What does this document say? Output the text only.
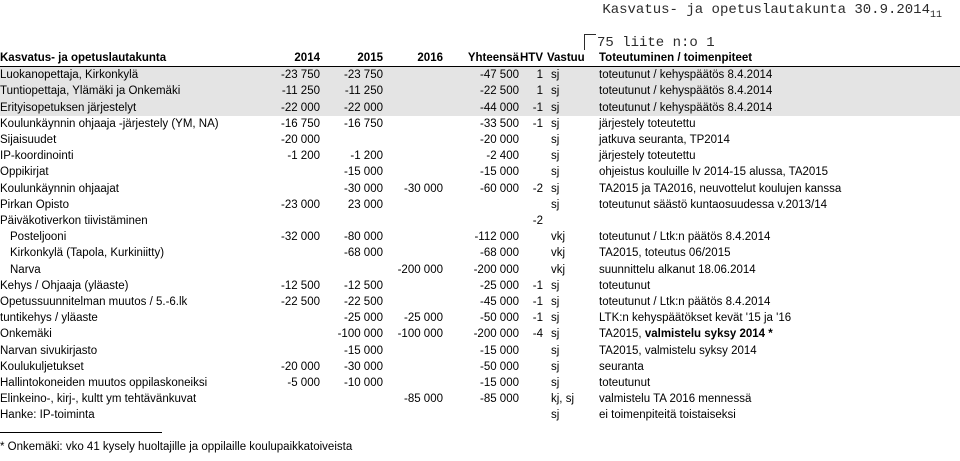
Kasvatus- ja opetuslautakunta $30.9.2014_{11}$
75 liite n:o 1
Kasvatus- ja opetuslautakunta	2014	2015	2016	Yhteensä	HTV	Vastuu	Toteutuminen / toimenpiteet
Luokanopettaja, Kirkonkylä	-23 750	-23 750		-47 500	1	sj	toteutunut / kehyspäätös 8.4.2014
Tuntiopettaja, Ylämäki ja Onkemäki	-11 250	-11 250		-22 500	1	sj	toteutunut / kehyspäätös 8.4.2014
Erityisopetuksen järjestelyt	-22 000	-22 000		-44 000	-1	sj	toteutunut / kehyspäätös 8.4.2014
Koulunkäynnin ohjaaja -järjestely (YM, NA)	-16 750	-16 750		-33 500	-1	sj	järjestely toteutettu
Sijaisuudet	-20 000			-20 000		sj	jatkuva seuranta, TP2014
IP-koordinointi	-1 200	-1 200		-2 400		sj	järjestely toteutettu
Oppikirjat		-15 000		-15 000		sj	ohjeistus kouluille lv 2014-15 alussa, TA2015
Koulunkäynnin ohjaajat		-30 000	-30 000	-60 000	-2	sj	TA2015 ja TA2016, neuvottelut koulujen kanssa
Pirkan Opisto	-23 000	23 000				sj	toteutunut säästö kuntaosuudessa v.2013/14
Päiväkotiverkon tiivistäminen					-2		
Posteljooni	-32 000	-80 000		-112 000		vkj	toteutunut / Ltk:n päätös 8.4.2014
Kirkonkylä (Tapola, Kurkiniitty)		-68 000		-68 000		vkj	TA2015, toteutus 06/2015
Narva			-200 000	-200 000		vkj	suunnittelu alkanut 18.06.2014
Kehys / Ohjaaja (yläaste)	-12 500	-12 500		-25 000	-1	sj	toteutunut
Opetussuunnitelman muutos / 5.-6.lk	-22 500	-22 500		-45 000	-1	sj	toteutunut / Ltk:n päätös 8.4.2014
tuntikehys / yläaste		-25 000	-25 000	-50 000	-1	sj	LTK:n kehyspäätökset kevät '15 ja '16
Onkemäki		-100 000	-100 000	-200 000	-4	sj	TA2015, valmistelu syksy 2014 *
Narvan sivukirjasto		-15 000		-15 000		sj	TA2015, valmistelu syksy 2014
Koulukuljetukset	-20 000	-30 000		-50 000		sj	seuranta
Hallintokoneiden muutos oppilaskoneiksi	-5 000	-10 000		-15 000		sj	toteutunut
Elinkeino-, kirj-, kultt ym tehtävänkuvat			-85 000	-85 000		kj, sj	valmistelu TA 2016 mennessä
Hanke: IP-toiminta						sj	ei toimenpiteitä toistaiseksi
* Onkemäki: vko 41 kysely huoltajille ja oppilaille koulupaikkatoiveista
